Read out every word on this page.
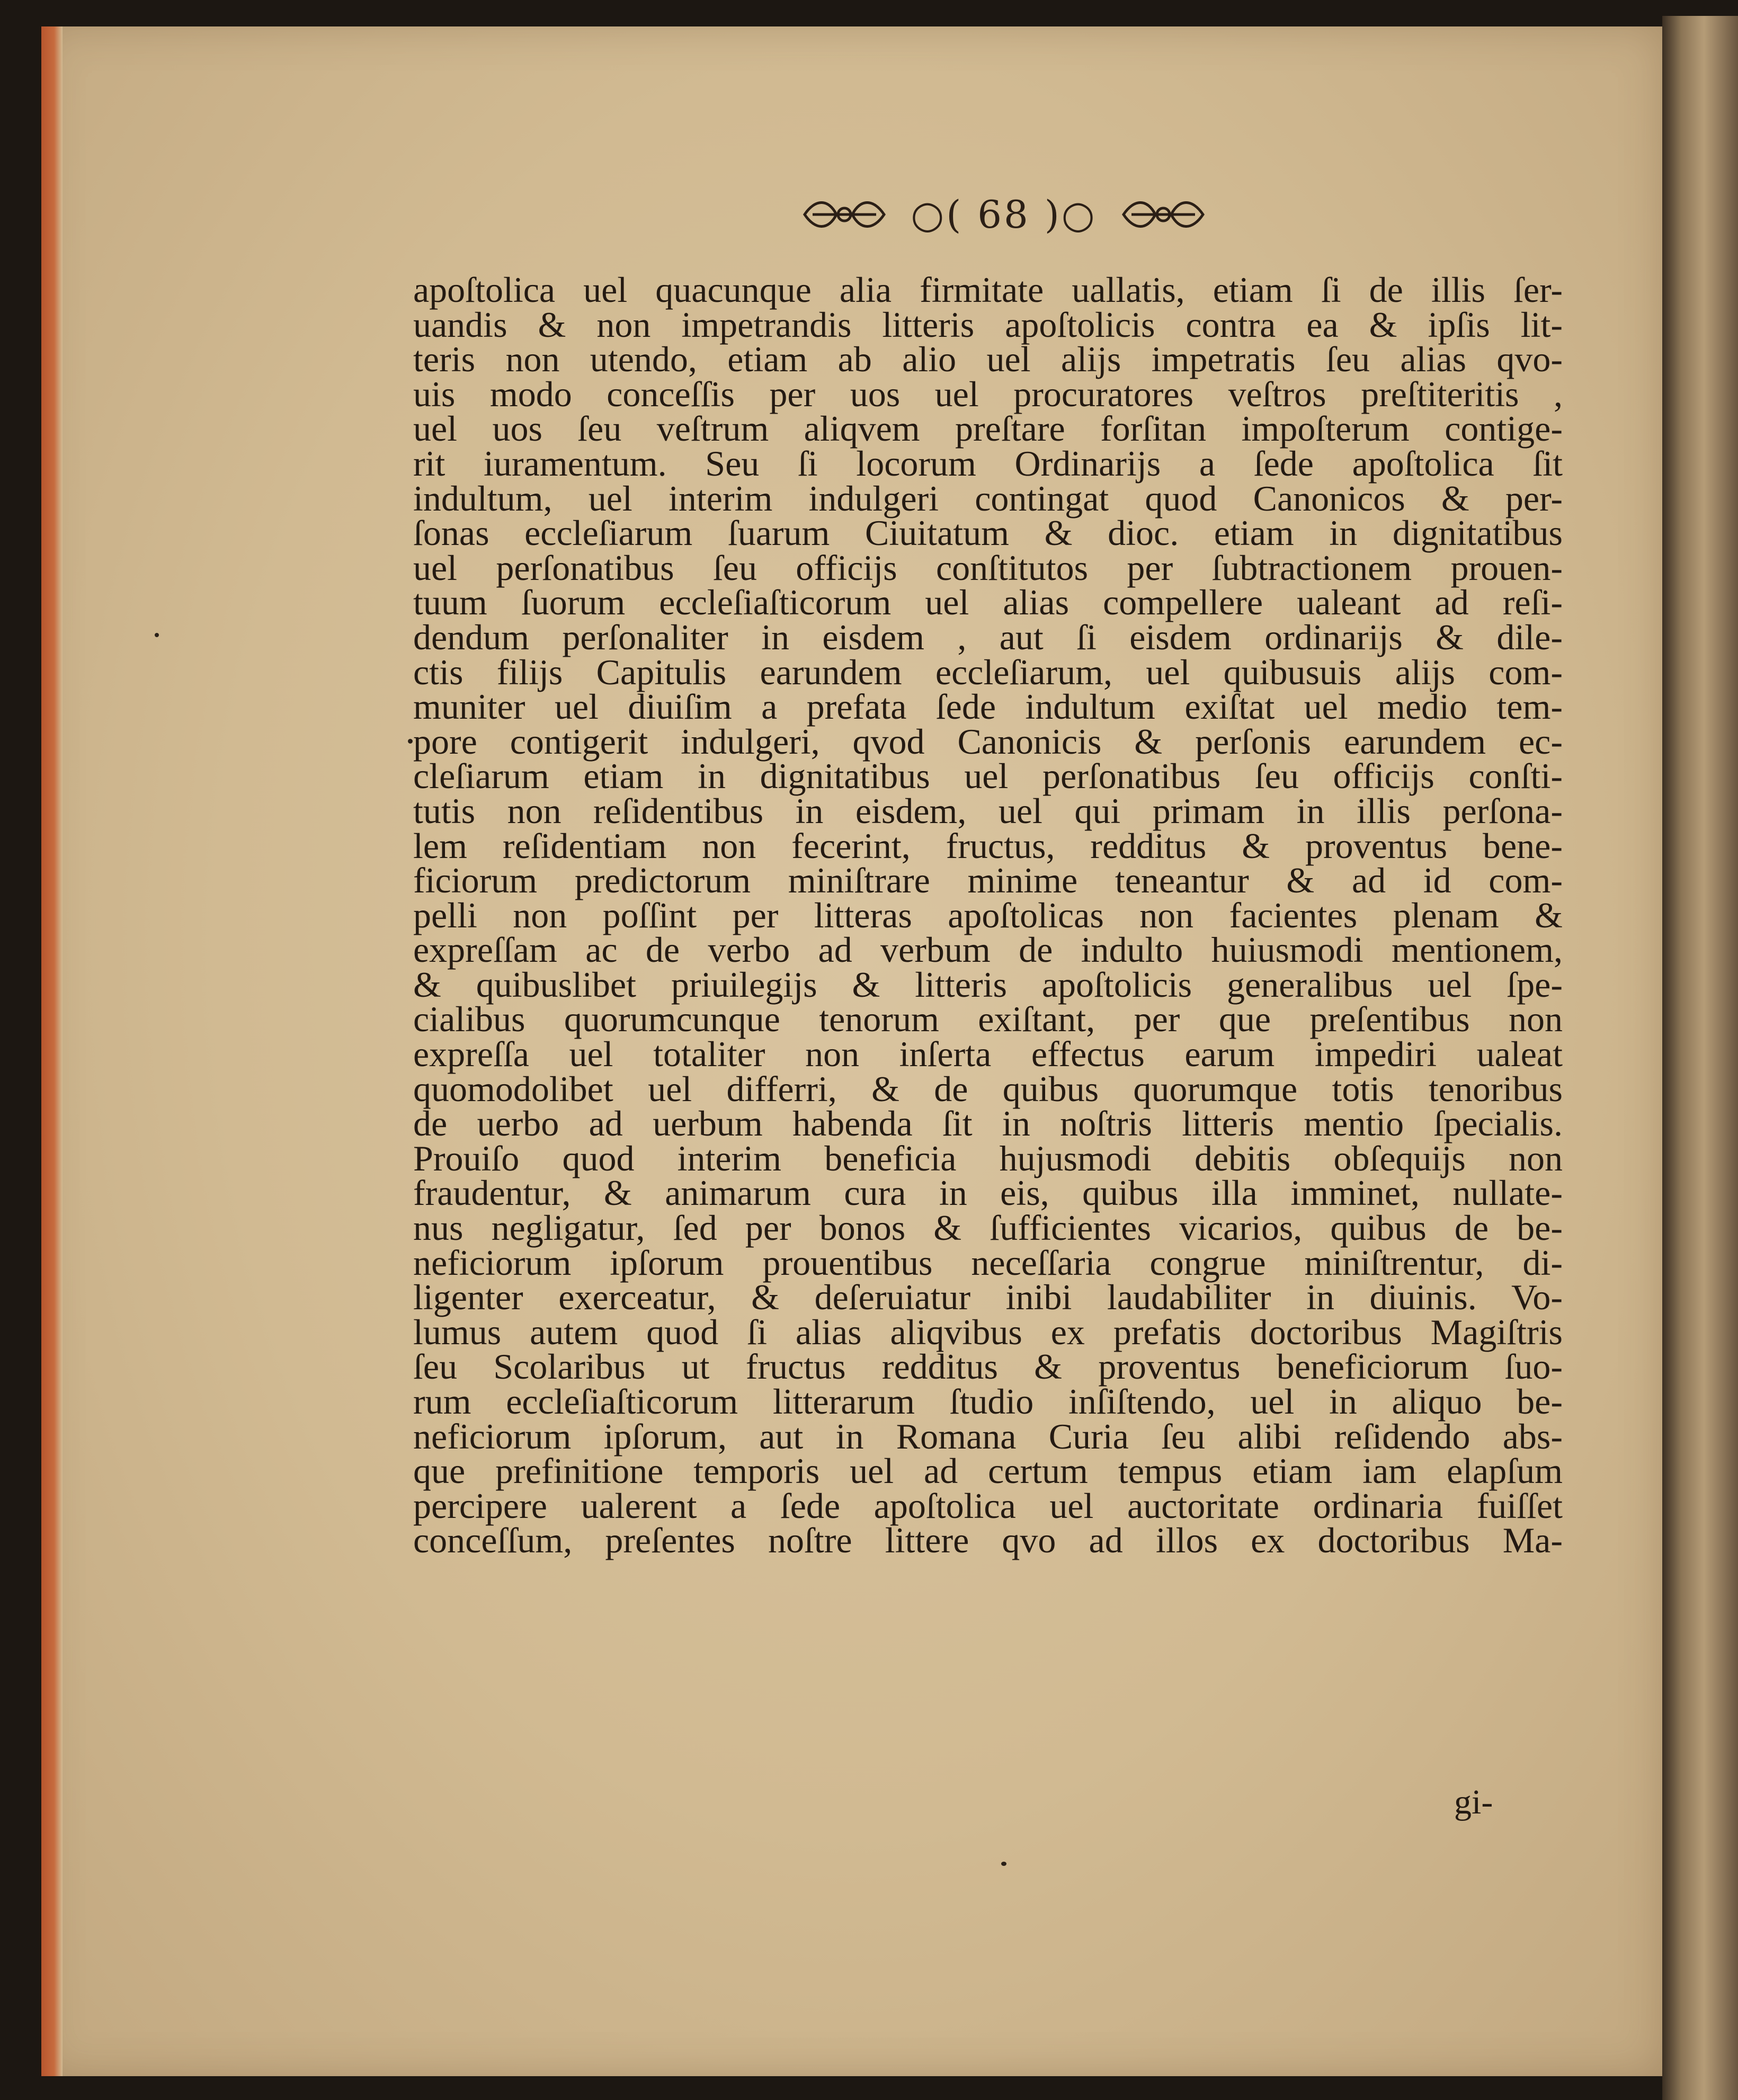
○( 68 )○
apoſtolica uel quacunque alia firmitate uallatis, etiam ſi de illis ſer-
uandis & non impetrandis litteris apoſtolicis contra ea & ipſis lit-
teris non utendo, etiam ab alio uel alijs impetratis ſeu alias qvo-
uis modo conceſſis per uos uel procuratores veſtros preſtiteritis ,
uel uos ſeu veſtrum aliqvem preſtare forſitan impoſterum contige-
rit iuramentum. Seu ſi locorum Ordinarijs a ſede apoſtolica ſit
indultum, uel interim indulgeri contingat quod Canonicos & per-
ſonas eccleſiarum ſuarum Ciuitatum & dioc. etiam in dignitatibus
uel perſonatibus ſeu officijs conſtitutos per ſubtractionem prouen-
tuum ſuorum eccleſiaſticorum uel alias compellere ualeant ad reſi-
dendum perſonaliter in eisdem , aut ſi eisdem ordinarijs & dile-
ctis filijs Capitulis earundem eccleſiarum, uel quibusuis alijs com-
muniter uel diuiſim a prefata ſede indultum exiſtat uel medio tem-
pore contigerit indulgeri, qvod Canonicis & perſonis earundem ec-
cleſiarum etiam in dignitatibus uel perſonatibus ſeu officijs conſti-
tutis non reſidentibus in eisdem, uel qui primam in illis perſona-
lem reſidentiam non fecerint, fructus, redditus & proventus bene-
ficiorum predictorum miniſtrare minime teneantur & ad id com-
pelli non poſſint per litteras apoſtolicas non facientes plenam &
expreſſam ac de verbo ad verbum de indulto huiusmodi mentionem,
& quibuslibet priuilegijs & litteris apoſtolicis generalibus uel ſpe-
cialibus quorumcunque tenorum exiſtant, per que preſentibus non
expreſſa uel totaliter non inſerta effectus earum impediri ualeat
quomodolibet uel differri, & de quibus quorumque totis tenoribus
de uerbo ad uerbum habenda ſit in noſtris litteris mentio ſpecialis.
Prouiſo quod interim beneficia hujusmodi debitis obſequijs non
fraudentur, & animarum cura in eis, quibus illa imminet, nullate-
nus negligatur, ſed per bonos & ſufficientes vicarios, quibus de be-
neficiorum ipſorum prouentibus neceſſaria congrue miniſtrentur, di-
ligenter exerceatur, & deſeruiatur inibi laudabiliter in diuinis. Vo-
lumus autem quod ſi alias aliqvibus ex prefatis doctoribus Magiſtris
ſeu Scolaribus ut fructus redditus & proventus beneficiorum ſuo-
rum eccleſiaſticorum litterarum ſtudio inſiſtendo, uel in aliquo be-
neficiorum ipſorum, aut in Romana Curia ſeu alibi reſidendo abs-
que prefinitione temporis uel ad certum tempus etiam iam elapſum
percipere ualerent a ſede apoſtolica uel auctoritate ordinaria fuiſſet
conceſſum, preſentes noſtre littere qvo ad illos ex doctoribus Ma-
gi-
